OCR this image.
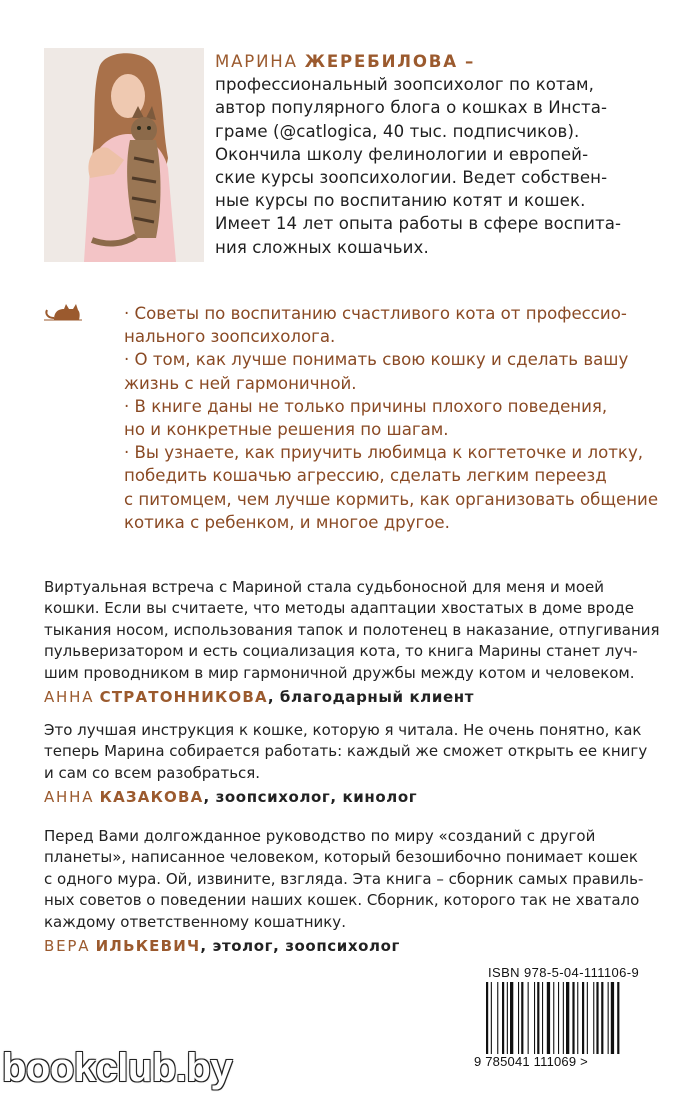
МАРИНА ЖЕРЕБИЛОВА –
профессиональный зоопсихолог по котам,
автор популярного блога о кошках в Инста-
граме (@catlogica, 40 тыс. подписчиков).
Окончила школу фелинологии и европей-
ские курсы зоопсихологии. Ведет собствен-
ные курсы по воспитанию котят и кошек.
Имеет 14 лет опыта работы в сфере воспита-
ния сложных кошачьих.

· Советы по воспитанию счастливого кота от профессио-

нального зоопсихолога.

· О том, как лучше понимать свою кошку и сделать вашу

жизнь с ней гармоничной.

· В книге даны не только причины плохого поведения,

но и конкретные решения по шагам.

· Вы узнаете, как приучить любимца к когтеточке и лотку,

победить кошачью агрессию, сделать легким переезд

с питомцем, чем лучше кормить, как организовать общение

котика с ребенком, и многое другое.

Виртуальная встреча с Мариной стала судьбоносной для меня и моей

кошки. Если вы считаете, что методы адаптации хвостатых в доме вроде

тыкания носом, использования тапок и полотенец в наказание, отпугивания

пульверизатором и есть социализация кота, то книга Марины станет луч-

шим проводником в мир гармоничной дружбы между котом и человеком.

АННА СТРАТОННИКОВА, благодарный клиент

Это лучшая инструкция к кошке, которую я читала. Не очень понятно, как

теперь Марина собирается работать: каждый же сможет открыть ее книгу

и сам со всем разобраться.

АННА КАЗАКОВА, зоопсихолог, кинолог

Перед Вами долгожданное руководство по миру «созданий с другой

планеты», написанное человеком, который безошибочно понимает кошек

с одного мура. Ой, извините, взгляда. Эта книга – сборник самых правиль-

ных советов о поведении наших кошек. Сборник, которого так не хватало

каждому ответственному кошатнику.

ВЕРА ИЛЬКЕВИЧ, этолог, зоопсихолог
ISBN 978-5-04-111106-9
9 785041 111069 >
bookclub.by
